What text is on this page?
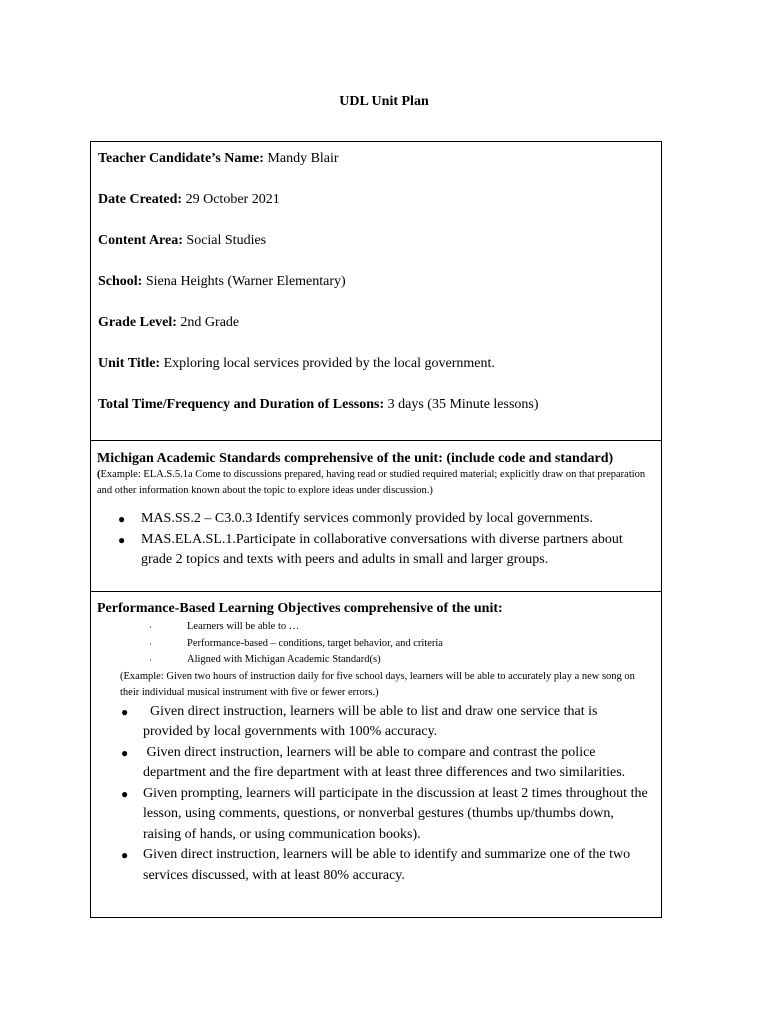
UDL Unit Plan
Teacher Candidate’s Name: Mandy Blair
Date Created: 29 October 2021
Content Area: Social Studies
School: Siena Heights (Warner Elementary)
Grade Level: 2nd Grade
Unit Title: Exploring local services provided by the local government.
Total Time/Frequency and Duration of Lessons: 3 days (35 Minute lessons)
Michigan Academic Standards comprehensive of the unit: (include code and standard)
(Example: ELA.S.5.1a Come to discussions prepared, having read or studied required material; explicitly draw on that preparation and other information known about the topic to explore ideas under discussion.)
● MAS.SS.2 – C3.0.3 Identify services commonly provided by local governments.
● MAS.ELA.SL.1.Participate in collaborative conversations with diverse partners about grade 2 topics and texts with peers and adults in small and larger groups.
Performance-Based Learning Objectives comprehensive of the unit:
·	Learners will be able to …
·	Performance-based – conditions, target behavior, and criteria
·	Aligned with Michigan Academic Standard(s)
(Example: Given two hours of instruction daily for five school days, learners will be able to accurately play a new song on their individual musical instrument with five or fewer errors.)
● Given direct instruction, learners will be able to list and draw one service that is provided by local governments with 100% accuracy.
● Given direct instruction, learners will be able to compare and contrast the police department and the fire department with at least three differences and two similarities.
● Given prompting, learners will participate in the discussion at least 2 times throughout the lesson, using comments, questions, or nonverbal gestures (thumbs up/thumbs down, raising of hands, or using communication books).
● Given direct instruction, learners will be able to identify and summarize one of the two services discussed, with at least 80% accuracy.
